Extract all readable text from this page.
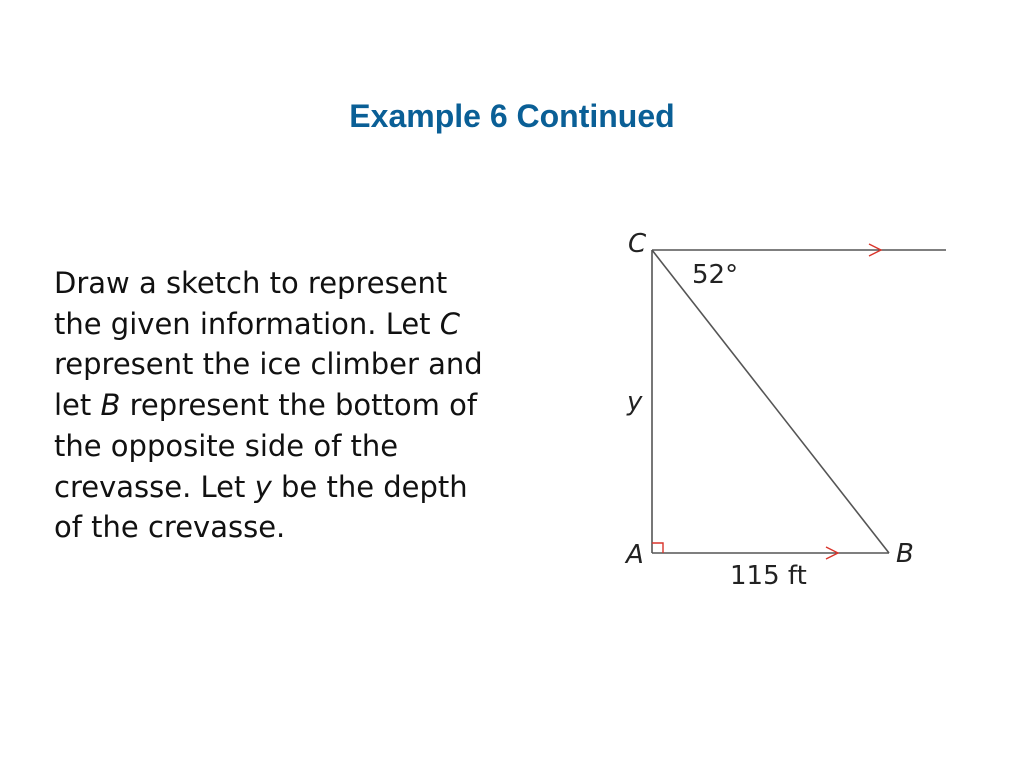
Example 6 Continued
Draw a sketch to represent
the given information. Let C
represent the ice climber and
let B represent the bottom of
the opposite side of the
crevasse. Let y be the depth
of the crevasse.
C
52°
y
A	B
115 ft
